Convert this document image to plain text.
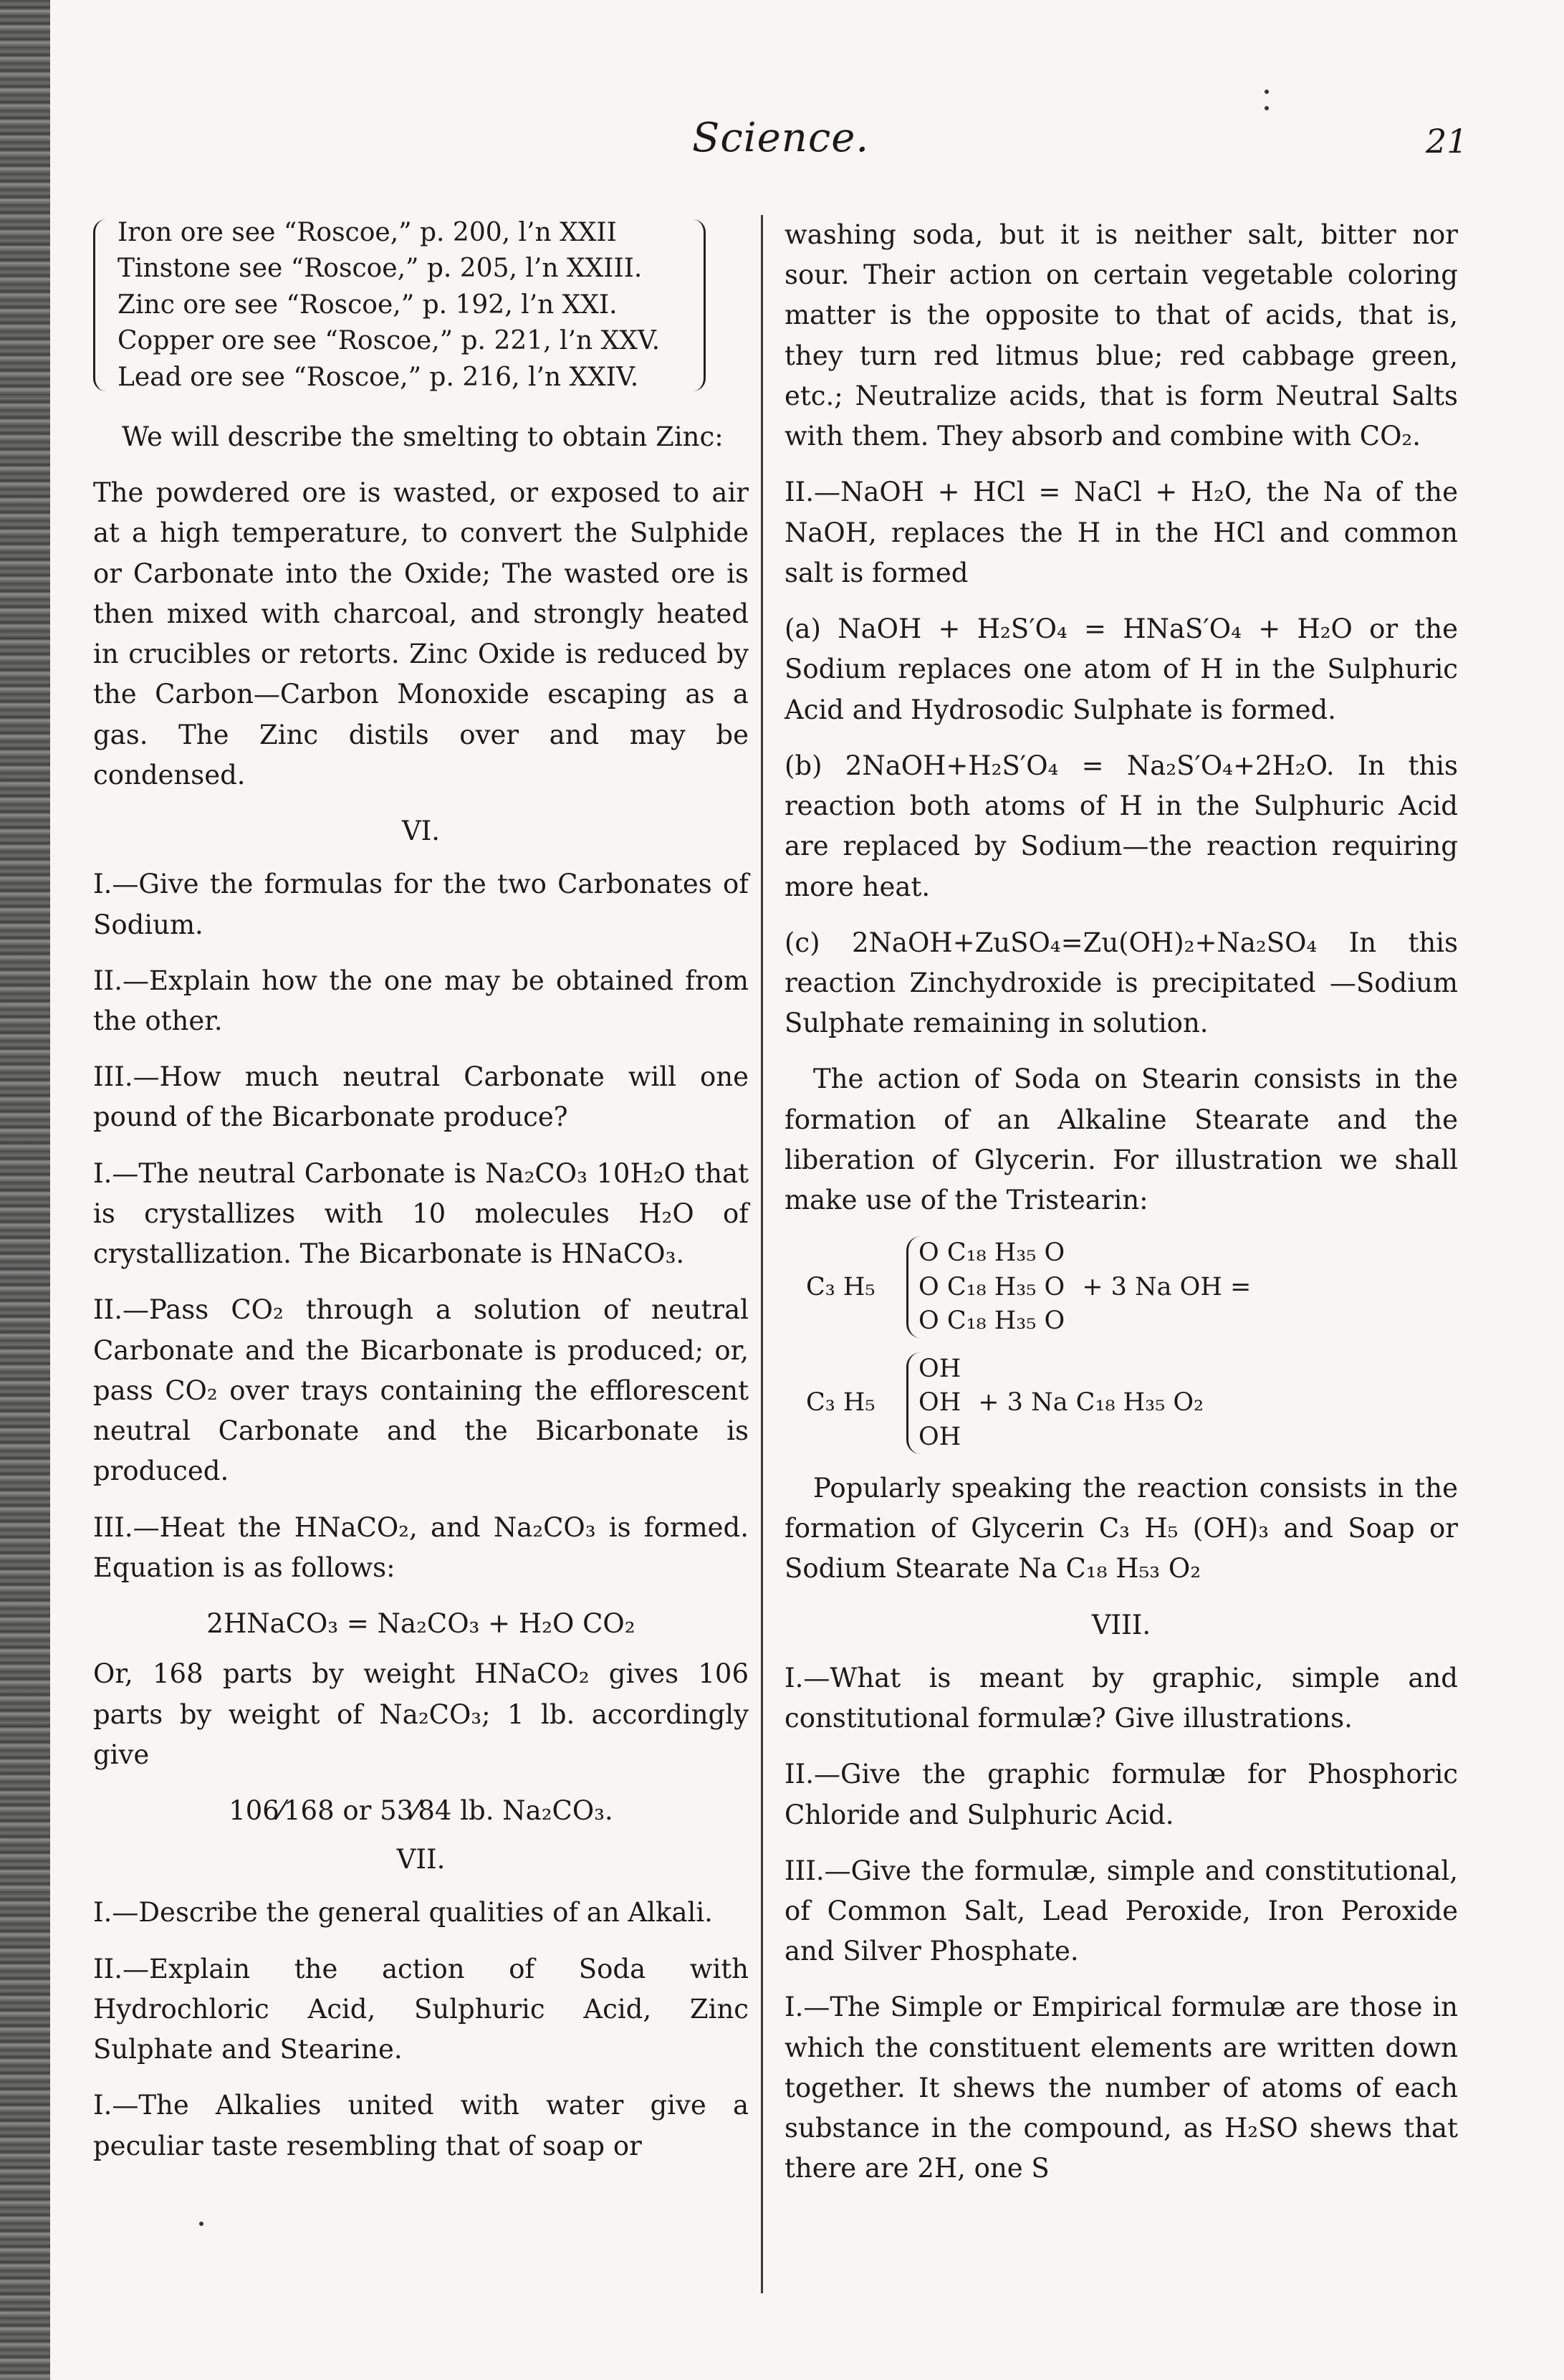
Science.	21
Iron ore see “Roscoe,” p. 200, l’n XXII
Tinstone see “Roscoe,” p. 205, l’n XXIII.
Zinc ore see “Roscoe,” p. 192, l’n XXI.
Copper ore see “Roscoe,” p. 221, l’n XXV.
Lead ore see “Roscoe,” p. 216, l’n XXIV.

We will describe the smelting to obtain Zinc:

The powdered ore is wasted, or exposed to air at a high temperature, to convert the Sulphide or Carbonate into the Oxide; The wasted ore is then mixed with charcoal, and strongly heated in crucibles or retorts. Zinc Oxide is reduced by the Carbon—Carbon Monoxide escaping as a gas. The Zinc distils over and may be condensed.

VI.

I.—Give the formulas for the two Carbonates of Sodium.

II.—Explain how the one may be obtained from the other.

III.—How much neutral Carbonate will one pound of the Bicarbonate produce?

I.—The neutral Carbonate is Na₂CO₃ 10H₂O that is crystallizes with 10 molecules H₂O of crystallization. The Bicarbonate is HNaCO₃.

II.—Pass CO₂ through a solution of neutral Carbonate and the Bicarbonate is produced; or, pass CO₂ over trays containing the efflorescent neutral Carbonate and the Bicarbonate is produced.

III.—Heat the HNaCO₂, and Na₂CO₃ is formed. Equation is as follows:

2HNaCO₃ = Na₂CO₃ + H₂O CO₂

Or, 168 parts by weight HNaCO₂ gives 106 parts by weight of Na₂CO₃; 1 lb. accordingly give

106⁄168 or 53⁄84 lb. Na₂CO₃.
VII.

I.—Describe the general qualities of an Alkali.

II.—Explain the action of Soda with Hydrochloric Acid, Sulphuric Acid, Zinc Sulphate and Stearine.

I.—The Alkalies united with water give a peculiar taste resembling that of soap or

washing soda, but it is neither salt, bitter nor sour. Their action on certain vegetable coloring matter is the opposite to that of acids, that is, they turn red litmus blue; red cabbage green, etc.; Neutralize acids, that is form Neutral Salts with them. They absorb and combine with CO₂.

II.—NaOH + HCl = NaCl + H₂O, the Na of the NaOH, replaces the H in the HCl and common salt is formed

(a) NaOH + H₂S′O₄ = HNaS′O₄ + H₂O or the Sodium replaces one atom of H in the Sulphuric Acid and Hydrosodic Sulphate is formed.

(b) 2NaOH+H₂S′O₄ = Na₂S′O₄+2H₂O. In this reaction both atoms of H in the Sulphuric Acid are replaced by Sodium—the reaction requiring more heat.

(c) 2NaOH+ZuSO₄=Zu(OH)₂+Na₂SO₄ In this reaction Zinchydroxide is precipitated —Sodium Sulphate remaining in solution.

The action of Soda on Stearin consists in the formation of an Alkaline Stearate and the liberation of Glycerin. For illustration we shall make use of the Tristearin:

C₃ H₅
O C₁₈ H₃₅ O
O C₁₈ H₃₅ O
O C₁₈ H₃₅ O
+ 3 Na OH =
C₃ H₅
OH
OH
OH
+ 3 Na C₁₈ H₃₅ O₂

Popularly speaking the reaction consists in the formation of Glycerin C₃ H₅ (OH)₃ and Soap or Sodium Stearate Na C₁₈ H₅₃ O₂

VIII.

I.—What is meant by graphic, simple and constitutional formulæ? Give illustrations.

II.—Give the graphic formulæ for Phosphoric Chloride and Sulphuric Acid.

III.—Give the formulæ, simple and constitutional, of Common Salt, Lead Peroxide, Iron Peroxide and Silver Phosphate.

I.—The Simple or Empirical formulæ are those in which the constituent elements are written down together. It shews the number of atoms of each substance in the compound, as H₂SO shews that there are 2H, one S
